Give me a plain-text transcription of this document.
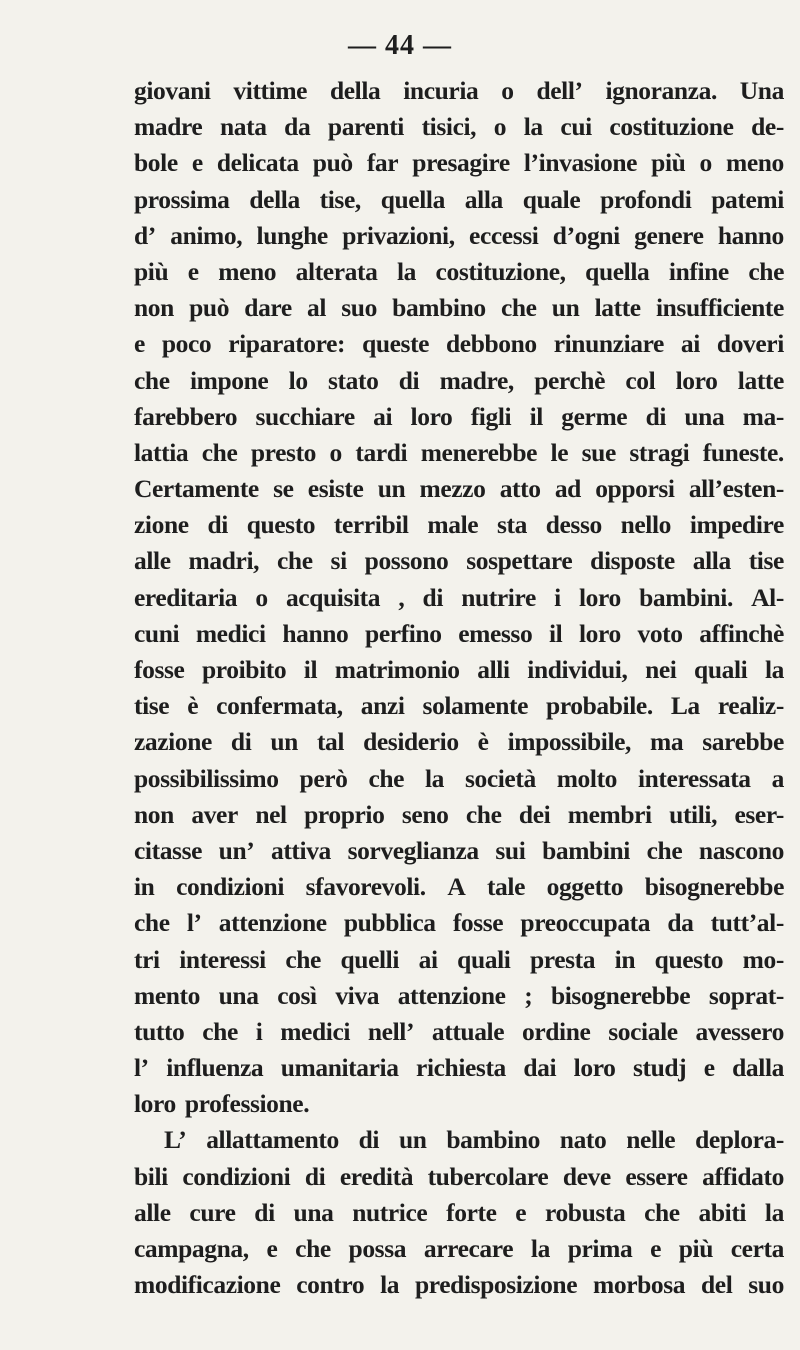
— 44 —
giovani vittime della incuria o dell’ ignoranza. Una
madre nata da parenti tisici, o la cui costituzione de-
bole e delicata può far presagire l’invasione più o meno
prossima della tise, quella alla quale profondi patemi
d’ animo, lunghe privazioni, eccessi d’ogni genere hanno
più e meno alterata la costituzione, quella infine che
non può dare al suo bambino che un latte insufficiente
e poco riparatore: queste debbono rinunziare ai doveri
che impone lo stato di madre, perchè col loro latte
farebbero succhiare ai loro figli il germe di una ma-
lattia che presto o tardi menerebbe le sue stragi funeste.
Certamente se esiste un mezzo atto ad opporsi all’esten-
zione di questo terribil male sta desso nello impedire
alle madri, che si possono sospettare disposte alla tise
ereditaria o acquisita , di nutrire i loro bambini. Al-
cuni medici hanno perfino emesso il loro voto affinchè
fosse proibito il matrimonio alli individui, nei quali la
tise è confermata, anzi solamente probabile. La realiz-
zazione di un tal desiderio è impossibile, ma sarebbe
possibilissimo però che la società molto interessata a
non aver nel proprio seno che dei membri utili, eser-
citasse un’ attiva sorveglianza sui bambini che nascono
in condizioni sfavorevoli. A tale oggetto bisognerebbe
che l’ attenzione pubblica fosse preoccupata da tutt’al-
tri interessi che quelli ai quali presta in questo mo-
mento una così viva attenzione ; bisognerebbe soprat-
tutto che i medici nell’ attuale ordine sociale avessero
l’ influenza umanitaria richiesta dai loro studj e dalla
loro professione.
L’ allattamento di un bambino nato nelle deplora-
bili condizioni di eredità tubercolare deve essere affidato
alle cure di una nutrice forte e robusta che abiti la
campagna, e che possa arrecare la prima e più certa
modificazione contro la predisposizione morbosa del suo
